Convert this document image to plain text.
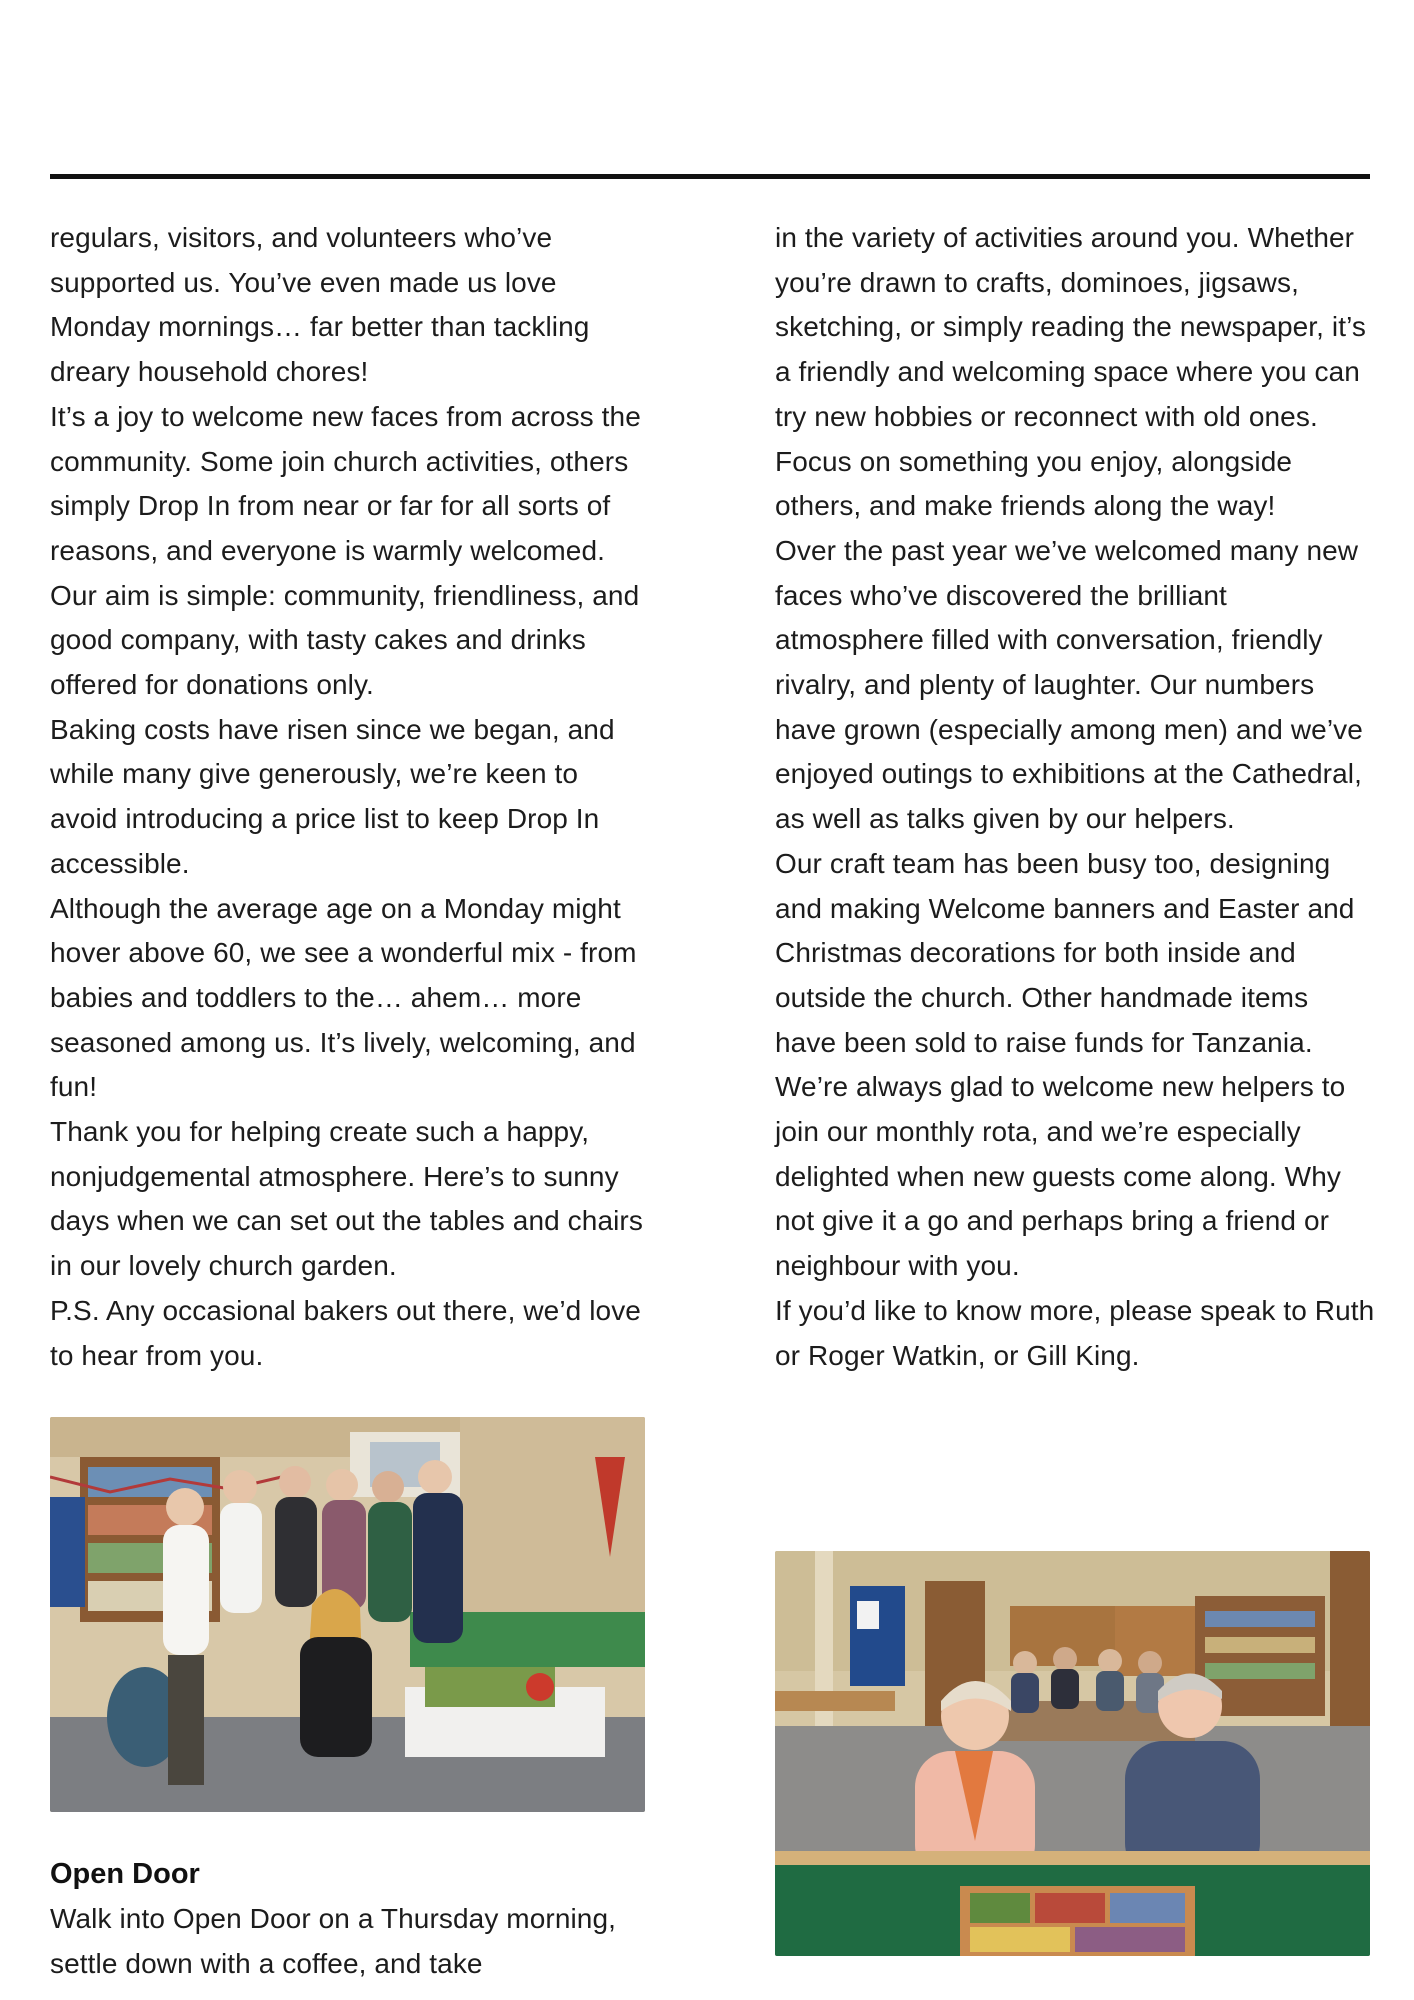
regulars, visitors, and volunteers who’ve supported us. You’ve even made us love Monday mornings… far better than tackling dreary household chores!

It’s a joy to welcome new faces from across the community. Some join church activities, others simply Drop In from near or far for all sorts of reasons, and everyone is warmly welcomed. Our aim is simple: community, friendliness, and good company, with tasty cakes and drinks offered for donations only.

Baking costs have risen since we began, and while many give generously, we’re keen to avoid introducing a price list to keep Drop In accessible.

Although the average age on a Monday might hover above 60, we see a wonderful mix - from babies and toddlers to the… ahem… more seasoned among us. It’s lively, welcoming, and fun!

Thank you for helping create such a happy, nonjudgemental atmosphere. Here’s to sunny days when we can set out the tables and chairs in our lovely church garden.

P.S. Any occasional bakers out there, we’d love to hear from you.

Open Door

Walk into Open Door on a Thursday morning, settle down with a coffee, and take

in the variety of activities around you. Whether you’re drawn to crafts, dominoes, jigsaws, sketching, or simply reading the newspaper, it’s a friendly and welcoming space where you can try new hobbies or reconnect with old ones. Focus on something you enjoy, alongside others, and make friends along the way!

Over the past year we’ve welcomed many new faces who’ve discovered the brilliant atmosphere filled with conversation, friendly rivalry, and plenty of laughter. Our numbers have grown (especially among men) and we’ve enjoyed outings to exhibitions at the Cathedral, as well as talks given by our helpers.

Our craft team has been busy too, designing and making Welcome banners and Easter and Christmas decorations for both inside and outside the church. Other handmade items have been sold to raise funds for Tanzania.

We’re always glad to welcome new helpers to join our monthly rota, and we’re especially delighted when new guests come along. Why not give it a go and perhaps bring a friend or neighbour with you.

If you’d like to know more, please speak to Ruth or Roger Watkin, or Gill King.
